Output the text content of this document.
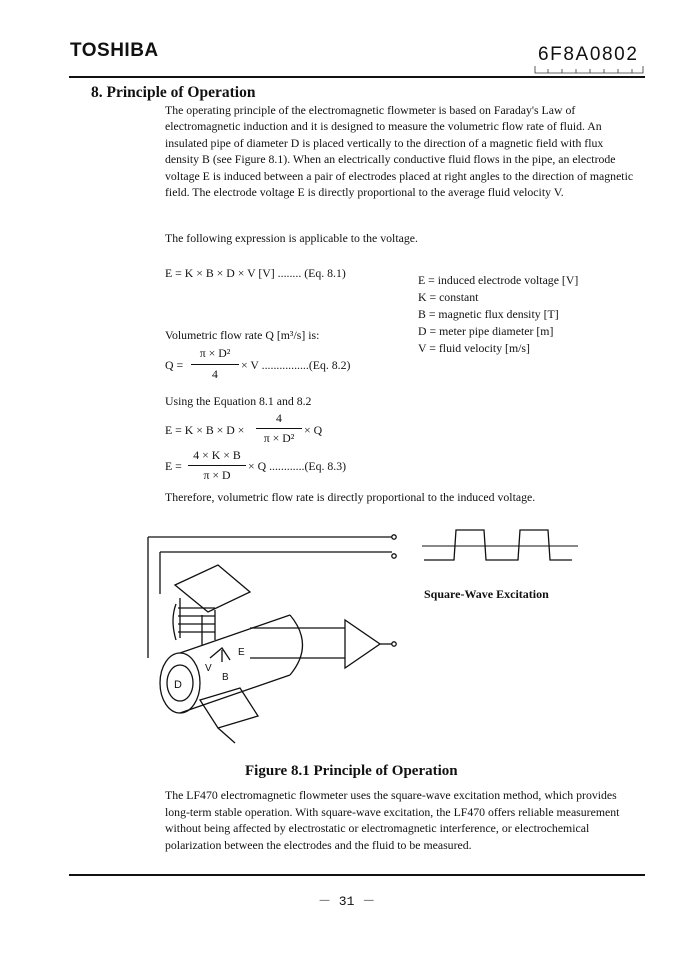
TOSHIBA	6F8A0802
8. Principle of Operation
The operating principle of the electromagnetic flowmeter is based on Faraday's Law of electromagnetic induction and it is designed to measure the volumetric flow rate of fluid. An insulated pipe of diameter D is placed vertically to the direction of a magnetic field with flux density B (see Figure 8.1). When an electrically conductive fluid flows in the pipe, an electrode voltage E is induced between a pair of electrodes placed at right angles to the direction of magnetic field. The electrode voltage E is directly proportional to the average fluid velocity V.
The following expression is applicable to the voltage.
E = K × B × D × V [V] ........ (Eq. 8.1)	E = induced electrode voltage [V]
K = constant
B = magnetic flux density [T]
D = meter pipe diameter [m]
V = fluid velocity [m/s]
Volumetric flow rate Q [m³/s] is:
Q =
π × D²
4
× V ................(Eq. 8.2)
Using the Equation 8.1 and 8.2
E = K × B × D ×
4
π × D²
× Q
E =
4 × K × B
π × D
× Q ............(Eq. 8.3)
Therefore, volumetric flow rate is directly proportional to the induced voltage.
E
V
B
D
Square-Wave Excitation
Figure 8.1 Principle of Operation
The LF470 electromagnetic flowmeter uses the square-wave excitation method, which provides long-term stable operation. With square-wave excitation, the LF470 offers reliable measurement without being affected by electrostatic or electromagnetic interference, or electrochemical polarization between the electrodes and the fluid to be measured.
－ 31 －
